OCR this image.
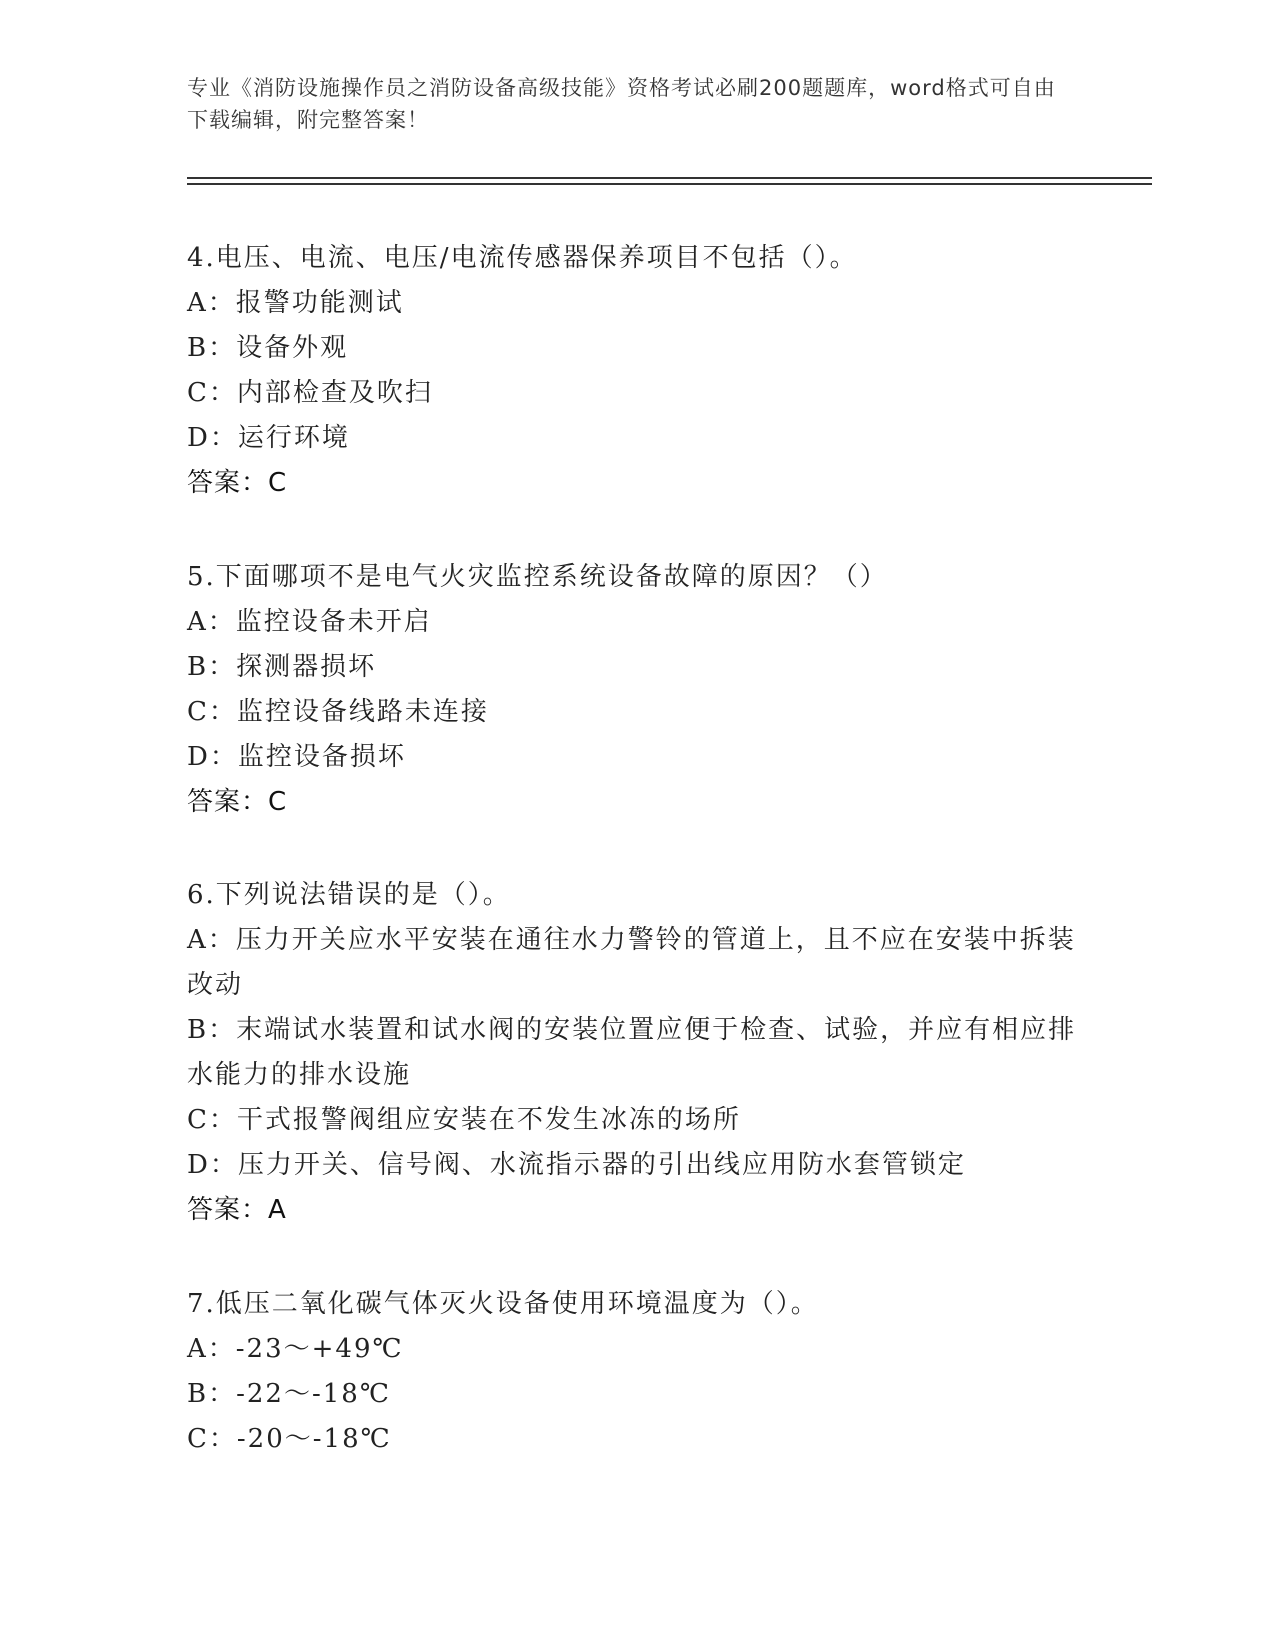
专业《消防设施操作员之消防设备高级技能》资格考试必刷200题题库，word格式可自由下载编辑，附完整答案！

4.电压、电流、电压/电流传感器保养项目不包括（）。

A：报警功能测试

B：设备外观

C：内部检查及吹扫

D：运行环境

答案：C

5.下面哪项不是电气火灾监控系统设备故障的原因？（）

A：监控设备未开启

B：探测器损坏

C：监控设备线路未连接

D：监控设备损坏

答案：C

6.下列说法错误的是（）。

A：压力开关应水平安装在通往水力警铃的管道上，且不应在安装中拆装改动

B：末端试水装置和试水阀的安装位置应便于检查、试验，并应有相应排水能力的排水设施

C：干式报警阀组应安装在不发生冰冻的场所

D：压力开关、信号阀、水流指示器的引出线应用防水套管锁定

答案：A

7.低压二氧化碳气体灭火设备使用环境温度为（）。

A：-23～+49℃

B：-22～-18℃

C：-20～-18℃
